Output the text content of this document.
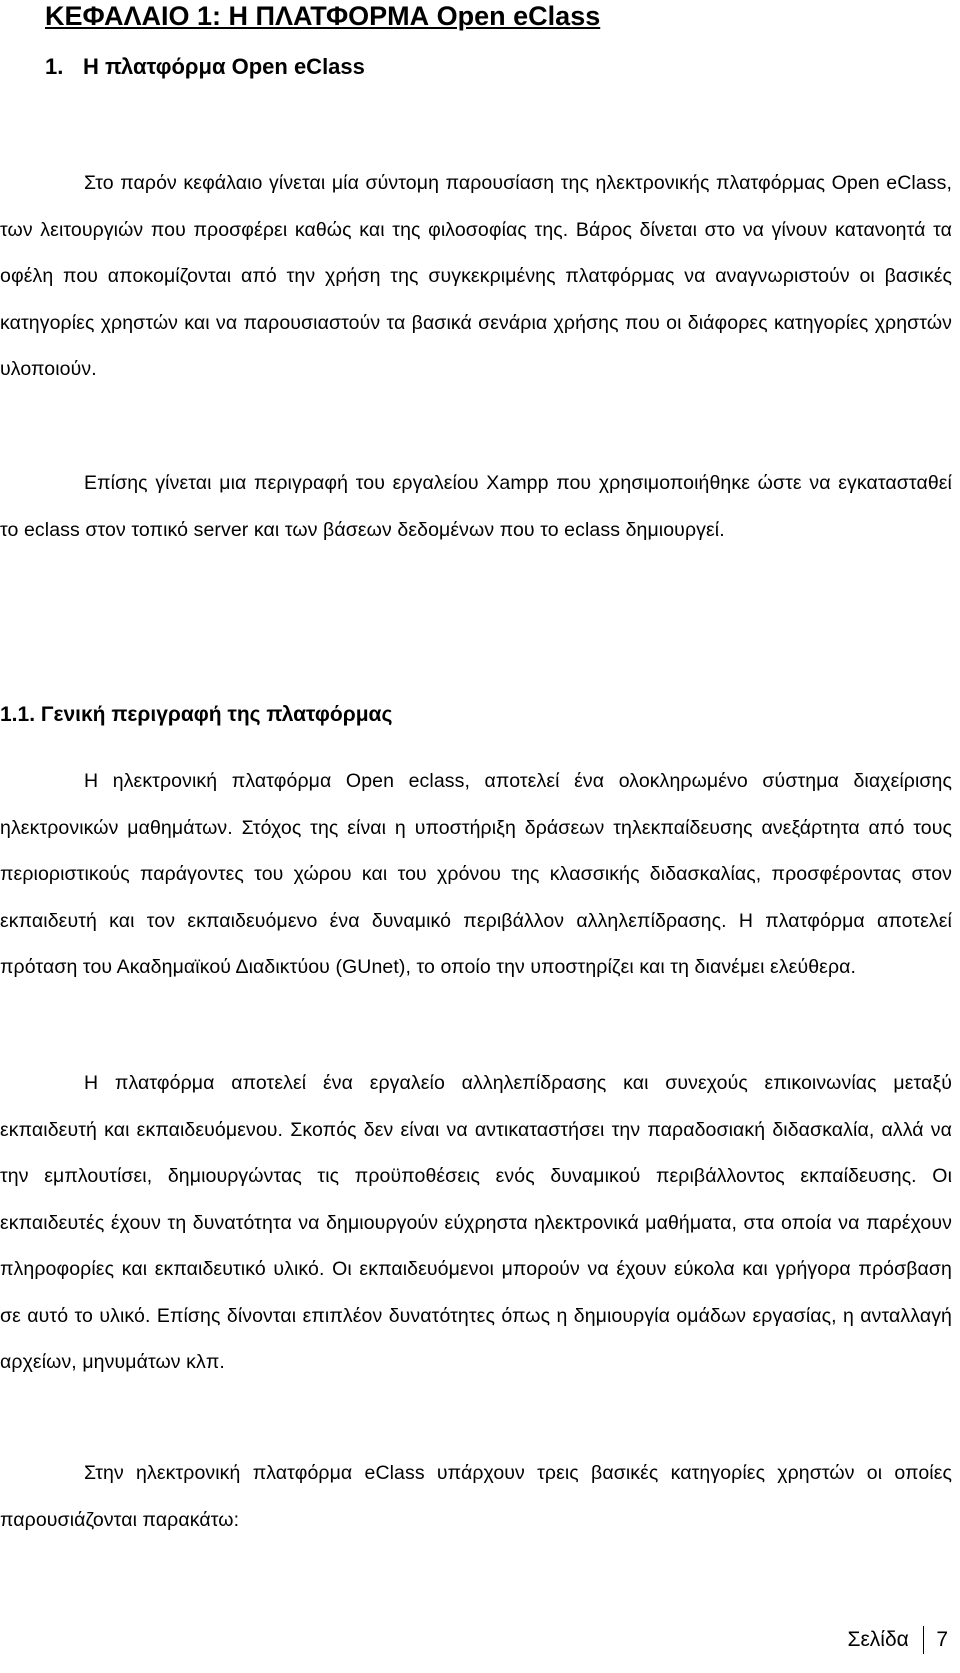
ΚΕΦΑΛΑΙΟ 1: Η ΠΛΑΤΦΟΡΜΑ Open eClass
1. Η πλατφόρμα Open eClass

Στο παρόν κεφάλαιο γίνεται μία σύντομη παρουσίαση της ηλεκτρονικής πλατφόρμας Open eClass, των λειτουργιών που προσφέρει καθώς και της φιλοσοφίας της. Βάρος δίνεται στο να γίνουν κατανοητά τα οφέλη που αποκομίζονται από την χρήση της συγκεκριμένης πλατφόρμας να αναγνωριστούν οι βασικές κατηγορίες χρηστών και να παρουσιαστούν τα βασικά σενάρια χρήσης που οι διάφορες κατηγορίες χρηστών υλοποιούν.

Επίσης γίνεται μια περιγραφή του εργαλείου Xampp που χρησιμοποιήθηκε ώστε να εγκατασταθεί το eclass στον τοπικό server και των βάσεων δεδομένων που το eclass δημιουργεί.

1.1. Γενική περιγραφή της πλατφόρμας

Η ηλεκτρονική πλατφόρμα Open eclass, αποτελεί ένα ολοκληρωμένο σύστημα διαχείρισης ηλεκτρονικών μαθημάτων. Στόχος της είναι η υποστήριξη δράσεων τηλεκπαίδευσης ανεξάρτητα από τους περιοριστικούς παράγοντες του χώρου και του χρόνου της κλασσικής διδασκαλίας, προσφέροντας στον εκπαιδευτή και τον εκπαιδευόμενο ένα δυναμικό περιβάλλον αλληλεπίδρασης. Η πλατφόρμα αποτελεί πρόταση του Ακαδημαϊκού Διαδικτύου (GUnet), το οποίο την υποστηρίζει και τη διανέμει ελεύθερα.

Η πλατφόρμα αποτελεί ένα εργαλείο αλληλεπίδρασης και συνεχούς επικοινωνίας μεταξύ εκπαιδευτή και εκπαιδευόμενου. Σκοπός δεν είναι να αντικαταστήσει την παραδοσιακή διδασκαλία, αλλά να την εμπλουτίσει, δημιουργώντας τις προϋποθέσεις ενός δυναμικού περιβάλλοντος εκπαίδευσης. Οι εκπαιδευτές έχουν τη δυνατότητα να δημιουργούν εύχρηστα ηλεκτρονικά μαθήματα, στα οποία να παρέχουν πληροφορίες και εκπαιδευτικό υλικό. Οι εκπαιδευόμενοι μπορούν να έχουν εύκολα και γρήγορα πρόσβαση σε αυτό το υλικό. Επίσης δίνονται επιπλέον δυνατότητες όπως η δημιουργία ομάδων εργασίας, η ανταλλαγή αρχείων, μηνυμάτων κλπ.

Στην ηλεκτρονική πλατφόρμα eClass υπάρχουν τρεις βασικές κατηγορίες χρηστών οι οποίες παρουσιάζονται παρακάτω:

Σελίδα 7
